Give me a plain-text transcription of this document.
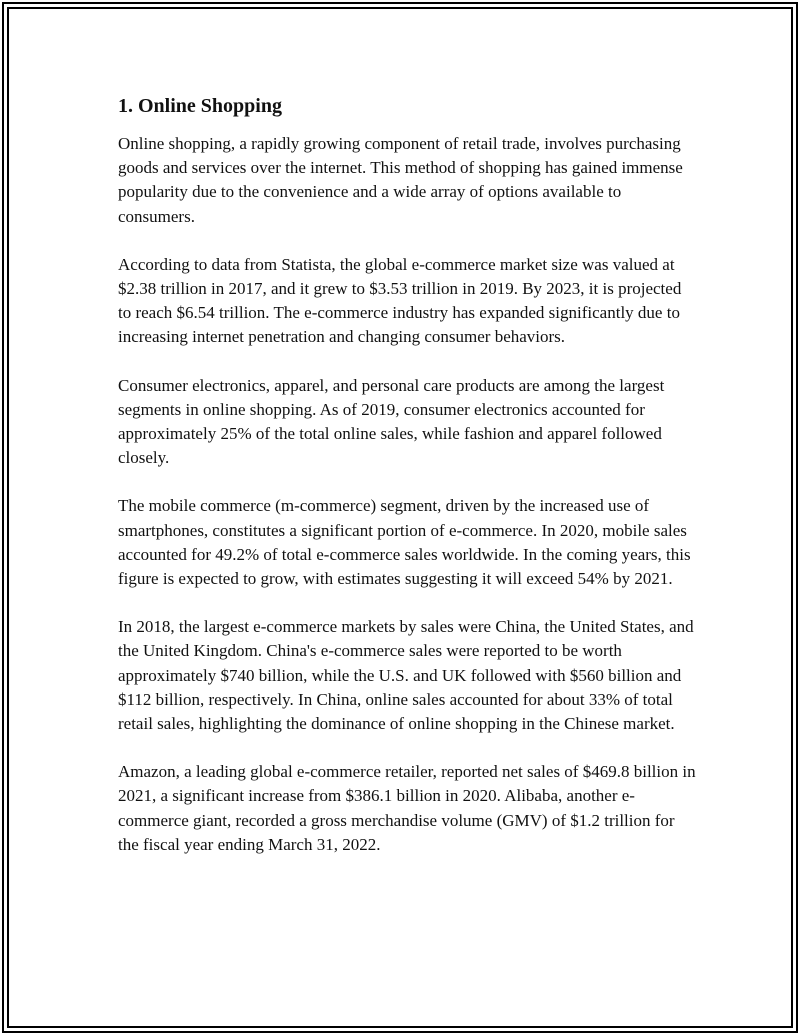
1. Online Shopping

Online shopping, a rapidly growing component of retail trade, involves purchasing goods and services over the internet. This method of shopping has gained immense popularity due to the convenience and a wide array of options available to consumers.

According to data from Statista, the global e-commerce market size was valued at $2.38 trillion in 2017, and it grew to $3.53 trillion in 2019. By 2023, it is projected to reach $6.54 trillion. The e-commerce industry has expanded significantly due to increasing internet penetration and changing consumer behaviors.

Consumer electronics, apparel, and personal care products are among the largest segments in online shopping. As of 2019, consumer electronics accounted for approximately 25% of the total online sales, while fashion and apparel followed closely.

The mobile commerce (m-commerce) segment, driven by the increased use of smartphones, constitutes a significant portion of e-commerce. In 2020, mobile sales accounted for 49.2% of total e-commerce sales worldwide. In the coming years, this figure is expected to grow, with estimates suggesting it will exceed 54% by 2021.

In 2018, the largest e-commerce markets by sales were China, the United States, and the United Kingdom. China's e-commerce sales were reported to be worth approximately $740 billion, while the U.S. and UK followed with $560 billion and $112 billion, respectively. In China, online sales accounted for about 33% of total retail sales, highlighting the dominance of online shopping in the Chinese market.

Amazon, a leading global e-commerce retailer, reported net sales of $469.8 billion in 2021, a significant increase from $386.1 billion in 2020. Alibaba, another e-commerce giant, recorded a gross merchandise volume (GMV) of $1.2 trillion for the fiscal year ending March 31, 2022.
